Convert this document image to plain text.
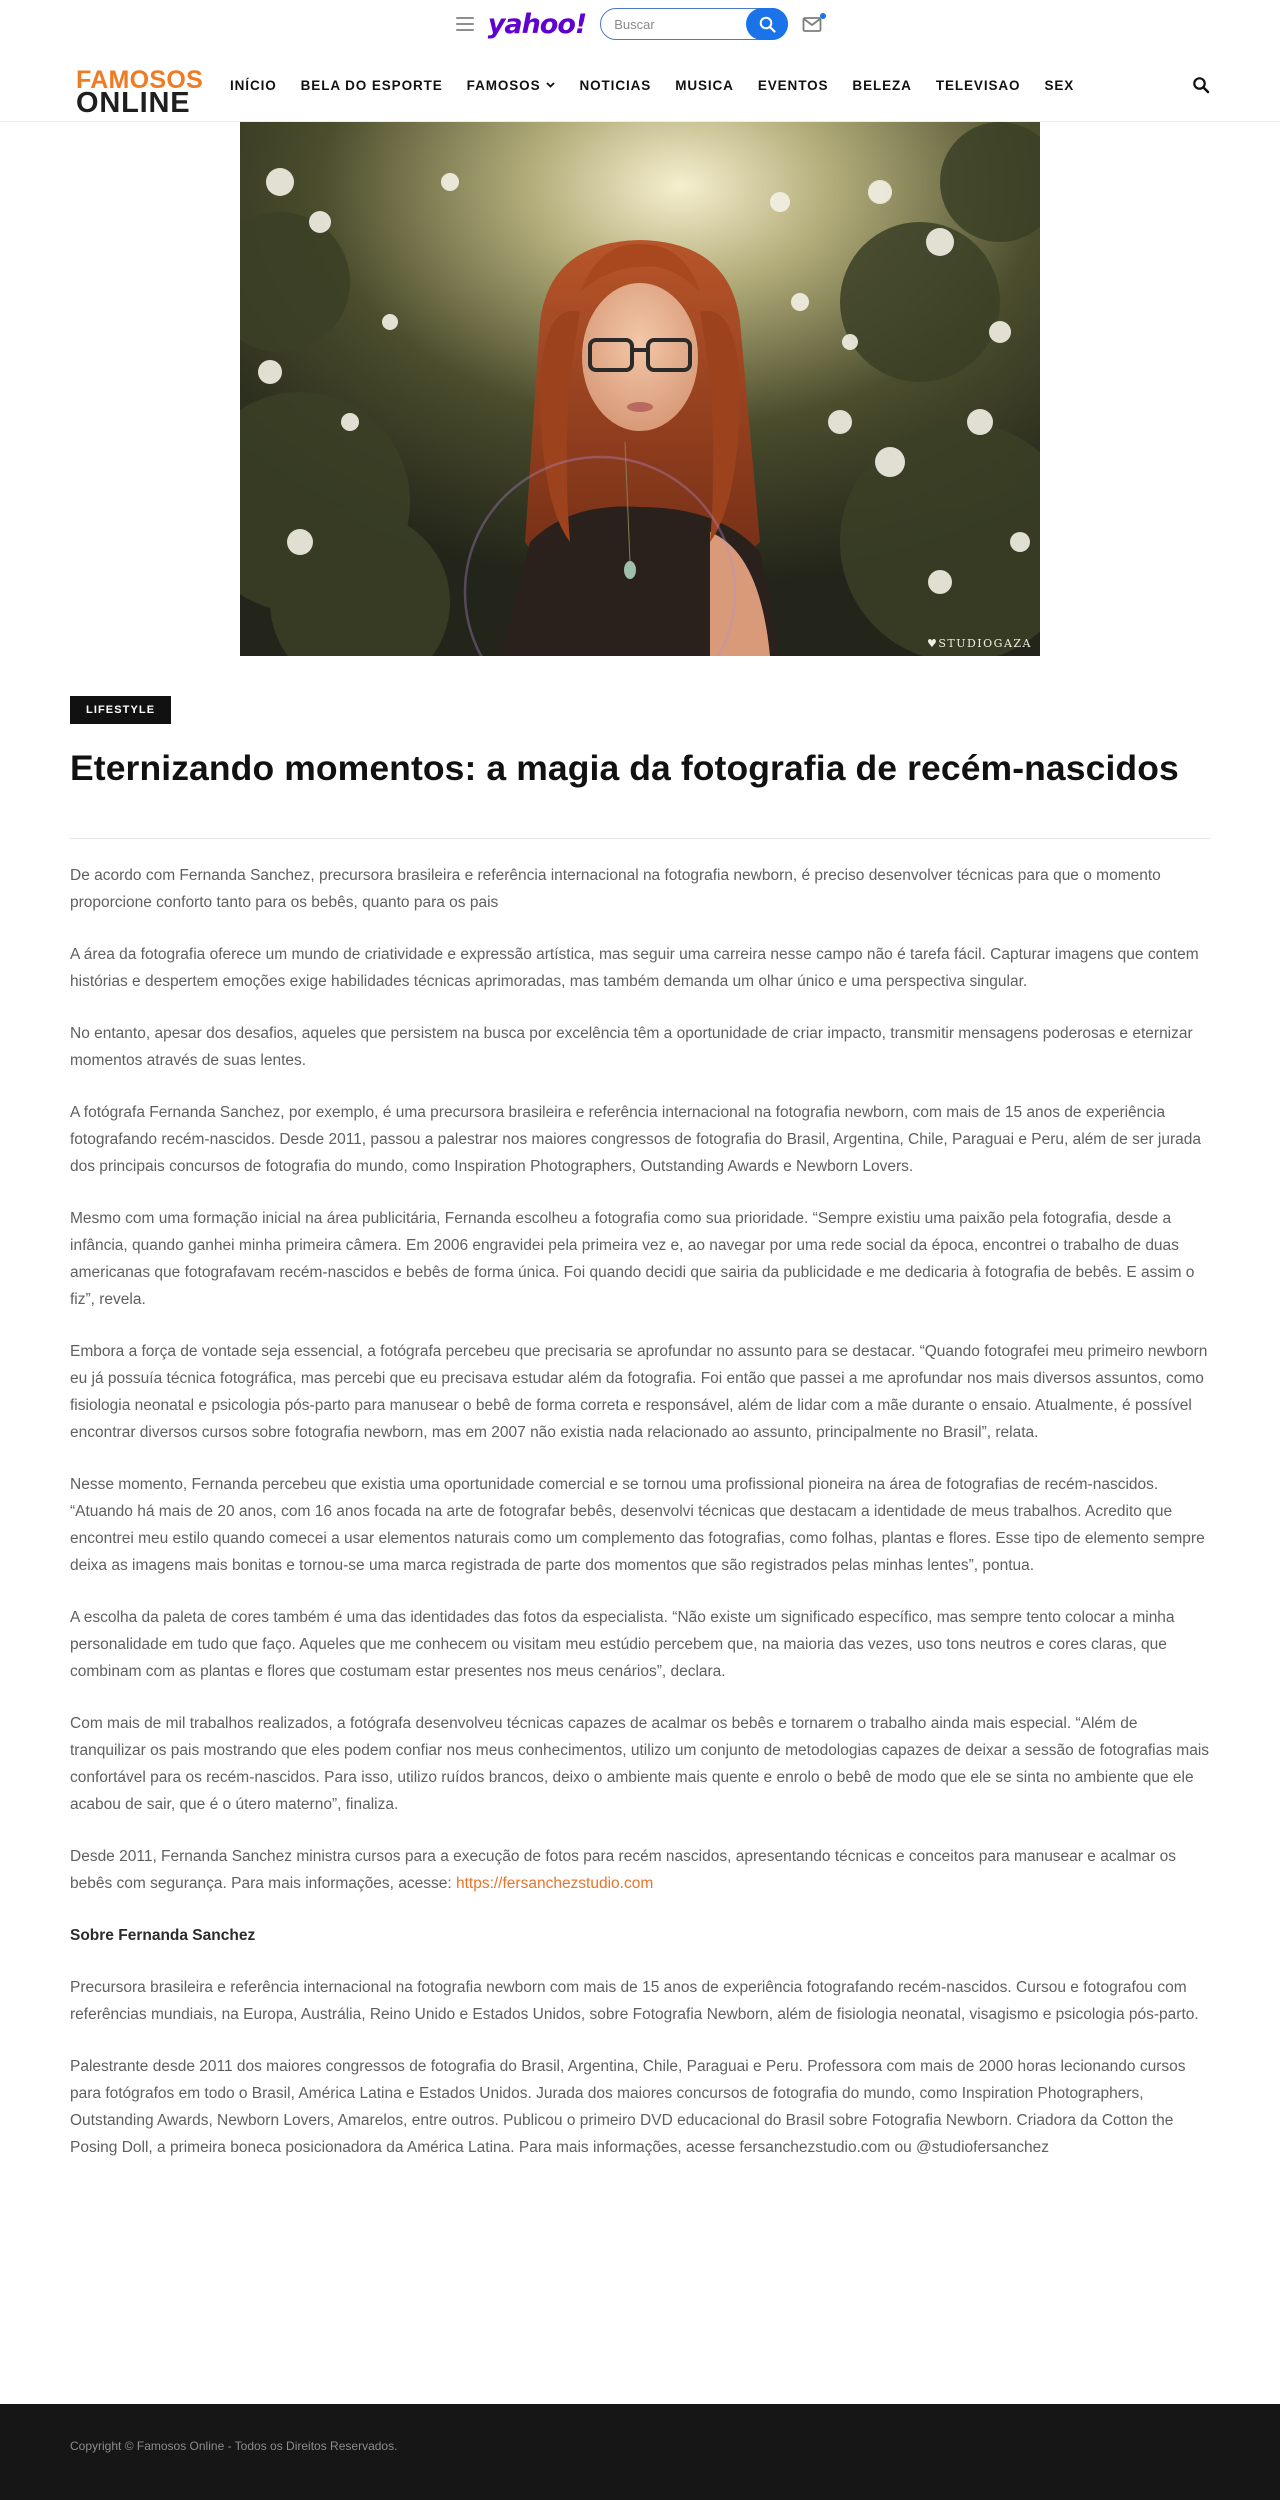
yahoo!
Buscar
FAMOSOS
ONLINE
INÍCIO BELA DO ESPORTE FAMOSOS	NOTICIAS MUSICA EVENTOS BELEZA TELEVISAO SEX
♥STUDIOGAZA
LIFESTYLE
Eternizando momentos: a magia da fotografia de recém-nascidos

De acordo com Fernanda Sanchez, precursora brasileira e referência internacional na fotografia newborn, é preciso desenvolver técnicas para que o momento proporcione conforto tanto para os bebês, quanto para os pais

A área da fotografia oferece um mundo de criatividade e expressão artística, mas seguir uma carreira nesse campo não é tarefa fácil. Capturar imagens que contem histórias e despertem emoções exige habilidades técnicas aprimoradas, mas também demanda um olhar único e uma perspectiva singular.

No entanto, apesar dos desafios, aqueles que persistem na busca por excelência têm a oportunidade de criar impacto, transmitir mensagens poderosas e eternizar momentos através de suas lentes.

A fotógrafa Fernanda Sanchez, por exemplo, é uma precursora brasileira e referência internacional na fotografia newborn, com mais de 15 anos de experiência fotografando recém-nascidos. Desde 2011, passou a palestrar nos maiores congressos de fotografia do Brasil, Argentina, Chile, Paraguai e Peru, além de ser jurada dos principais concursos de fotografia do mundo, como Inspiration Photographers, Outstanding Awards e Newborn Lovers.

Mesmo com uma formação inicial na área publicitária, Fernanda escolheu a fotografia como sua prioridade. “Sempre existiu uma paixão pela fotografia, desde a infância, quando ganhei minha primeira câmera. Em 2006 engravidei pela primeira vez e, ao navegar por uma rede social da época, encontrei o trabalho de duas americanas que fotografavam recém-nascidos e bebês de forma única. Foi quando decidi que sairia da publicidade e me dedicaria à fotografia de bebês. E assim o fiz”, revela.

Embora a força de vontade seja essencial, a fotógrafa percebeu que precisaria se aprofundar no assunto para se destacar. “Quando fotografei meu primeiro newborn eu já possuía técnica fotográfica, mas percebi que eu precisava estudar além da fotografia. Foi então que passei a me aprofundar nos mais diversos assuntos, como fisiologia neonatal e psicologia pós-parto para manusear o bebê de forma correta e responsável, além de lidar com a mãe durante o ensaio. Atualmente, é possível encontrar diversos cursos sobre fotografia newborn, mas em 2007 não existia nada relacionado ao assunto, principalmente no Brasil”, relata.

Nesse momento, Fernanda percebeu que existia uma oportunidade comercial e se tornou uma profissional pioneira na área de fotografias de recém-nascidos. “Atuando há mais de 20 anos, com 16 anos focada na arte de fotografar bebês, desenvolvi técnicas que destacam a identidade de meus trabalhos. Acredito que encontrei meu estilo quando comecei a usar elementos naturais como um complemento das fotografias, como folhas, plantas e flores. Esse tipo de elemento sempre deixa as imagens mais bonitas e tornou-se uma marca registrada de parte dos momentos que são registrados pelas minhas lentes”, pontua.

A escolha da paleta de cores também é uma das identidades das fotos da especialista. “Não existe um significado específico, mas sempre tento colocar a minha personalidade em tudo que faço. Aqueles que me conhecem ou visitam meu estúdio percebem que, na maioria das vezes, uso tons neutros e cores claras, que combinam com as plantas e flores que costumam estar presentes nos meus cenários”, declara.

Com mais de mil trabalhos realizados, a fotógrafa desenvolveu técnicas capazes de acalmar os bebês e tornarem o trabalho ainda mais especial. “Além de tranquilizar os pais mostrando que eles podem confiar nos meus conhecimentos, utilizo um conjunto de metodologias capazes de deixar a sessão de fotografias mais confortável para os recém-nascidos. Para isso, utilizo ruídos brancos, deixo o ambiente mais quente e enrolo o bebê de modo que ele se sinta no ambiente que ele acabou de sair, que é o útero materno”, finaliza.

Desde 2011, Fernanda Sanchez ministra cursos para a execução de fotos para recém nascidos, apresentando técnicas e conceitos para manusear e acalmar os bebês com segurança. Para mais informações, acesse: https://fersanchezstudio.com

Sobre Fernanda Sanchez

Precursora brasileira e referência internacional na fotografia newborn com mais de 15 anos de experiência fotografando recém-nascidos. Cursou e fotografou com referências mundiais, na Europa, Austrália, Reino Unido e Estados Unidos, sobre Fotografia Newborn, além de fisiologia neonatal, visagismo e psicologia pós-parto.

Palestrante desde 2011 dos maiores congressos de fotografia do Brasil, Argentina, Chile, Paraguai e Peru. Professora com mais de 2000 horas lecionando cursos para fotógrafos em todo o Brasil, América Latina e Estados Unidos. Jurada dos maiores concursos de fotografia do mundo, como Inspiration Photographers, Outstanding Awards, Newborn Lovers, Amarelos, entre outros. Publicou o primeiro DVD educacional do Brasil sobre Fotografia Newborn. Criadora da Cotton the Posing Doll, a primeira boneca posicionadora da América Latina. Para mais informações, acesse fersanchezstudio.com ou @studiofersanchez

Copyright © Famosos Online - Todos os Direitos Reservados.
